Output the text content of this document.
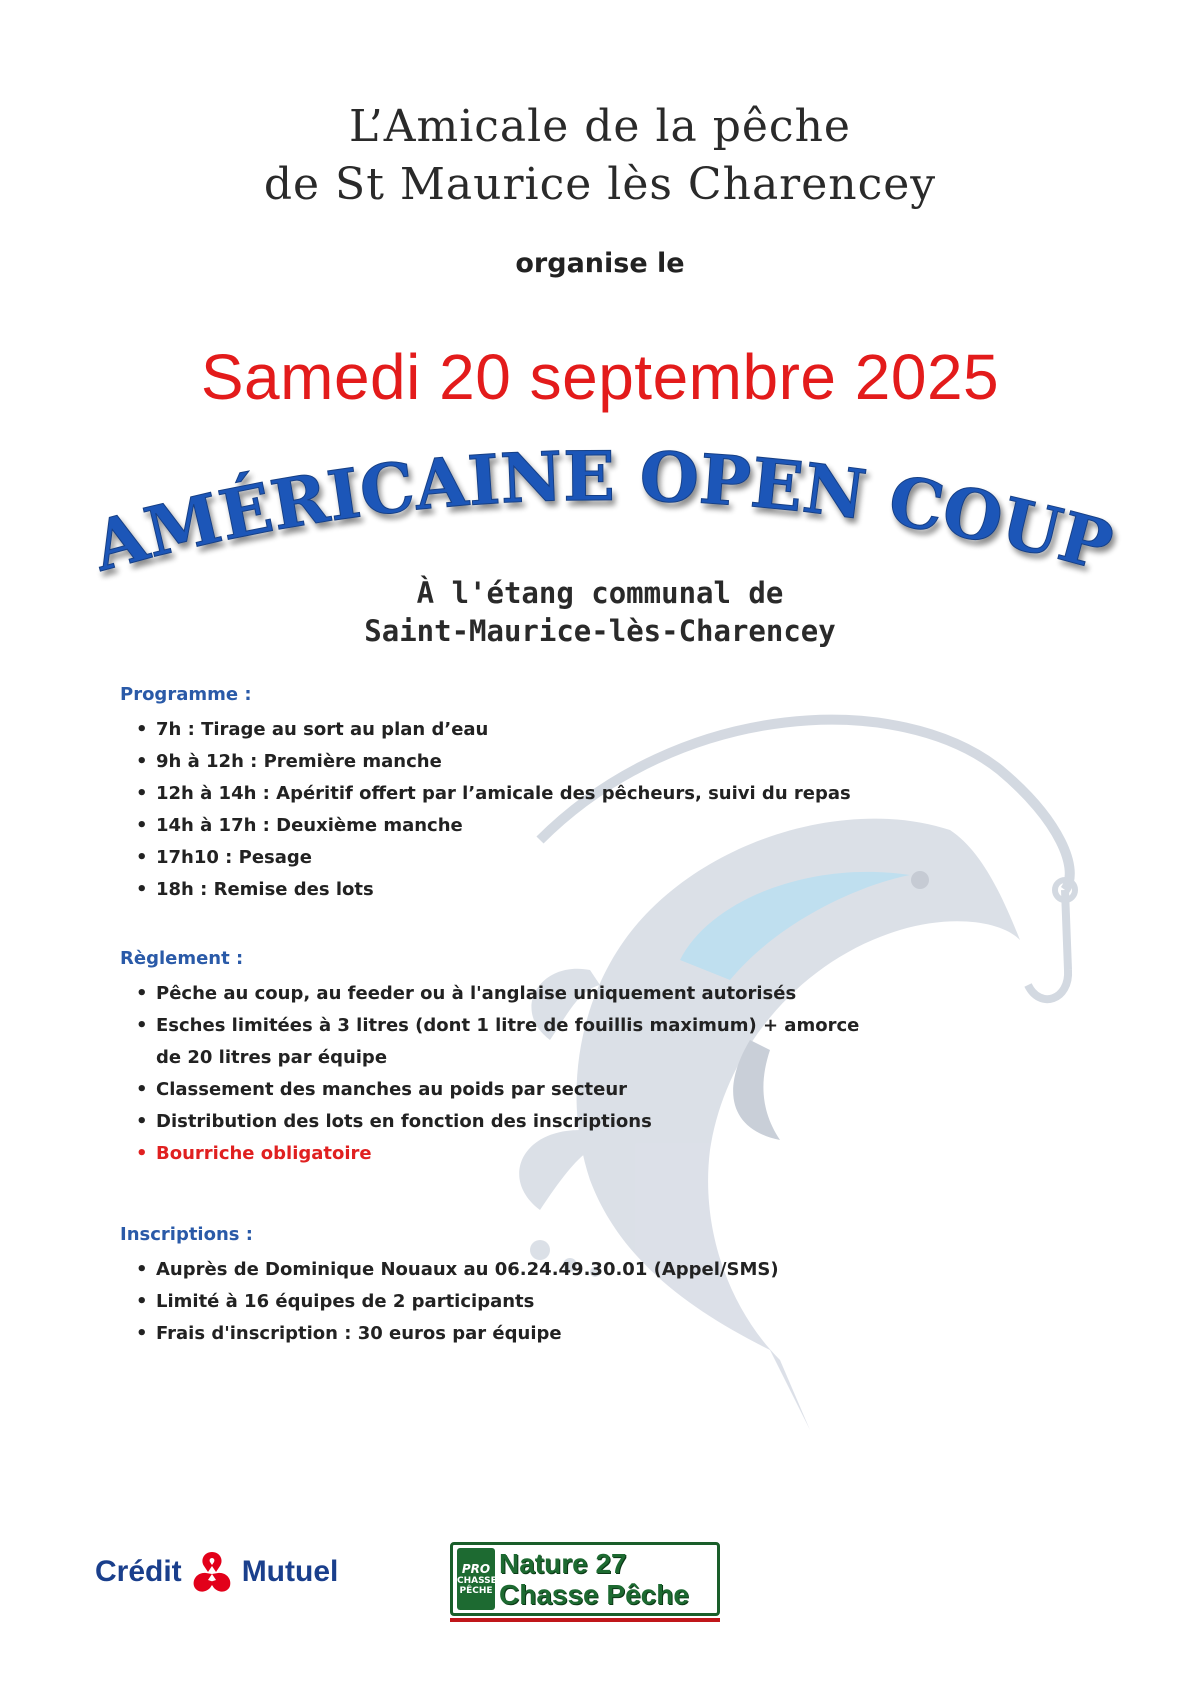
L’Amicale de la pêche
de St Maurice lès Charencey
organise le
Samedi 20 septembre 2025
AMÉRICAINE OPEN COUP
À l'étang communal de
Saint-Maurice-lès-Charencey
Programme :
• 7h : Tirage au sort au plan d’eau
• 9h à 12h : Première manche
• 12h à 14h : Apéritif offert par l’amicale des pêcheurs, suivi du repas
• 14h à 17h : Deuxième manche
• 17h10 : Pesage
• 18h : Remise des lots
Règlement :
• Pêche au coup, au feeder ou à l'anglaise uniquement autorisés
• Esches limitées à 3 litres (dont 1 litre de fouillis maximum) + amorce de 20 litres par équipe
• Classement des manches au poids par secteur
• Distribution des lots en fonction des inscriptions
• Bourriche obligatoire
Inscriptions :
• Auprès de Dominique Nouaux au 06.24.49.30.01 (Appel/SMS)
• Limité à 16 équipes de 2 participants
• Frais d'inscription : 30 euros par équipe
Crédit Mutuel	PRO
CHASSE PÊCHE
Nature 27
Chasse Pêche
